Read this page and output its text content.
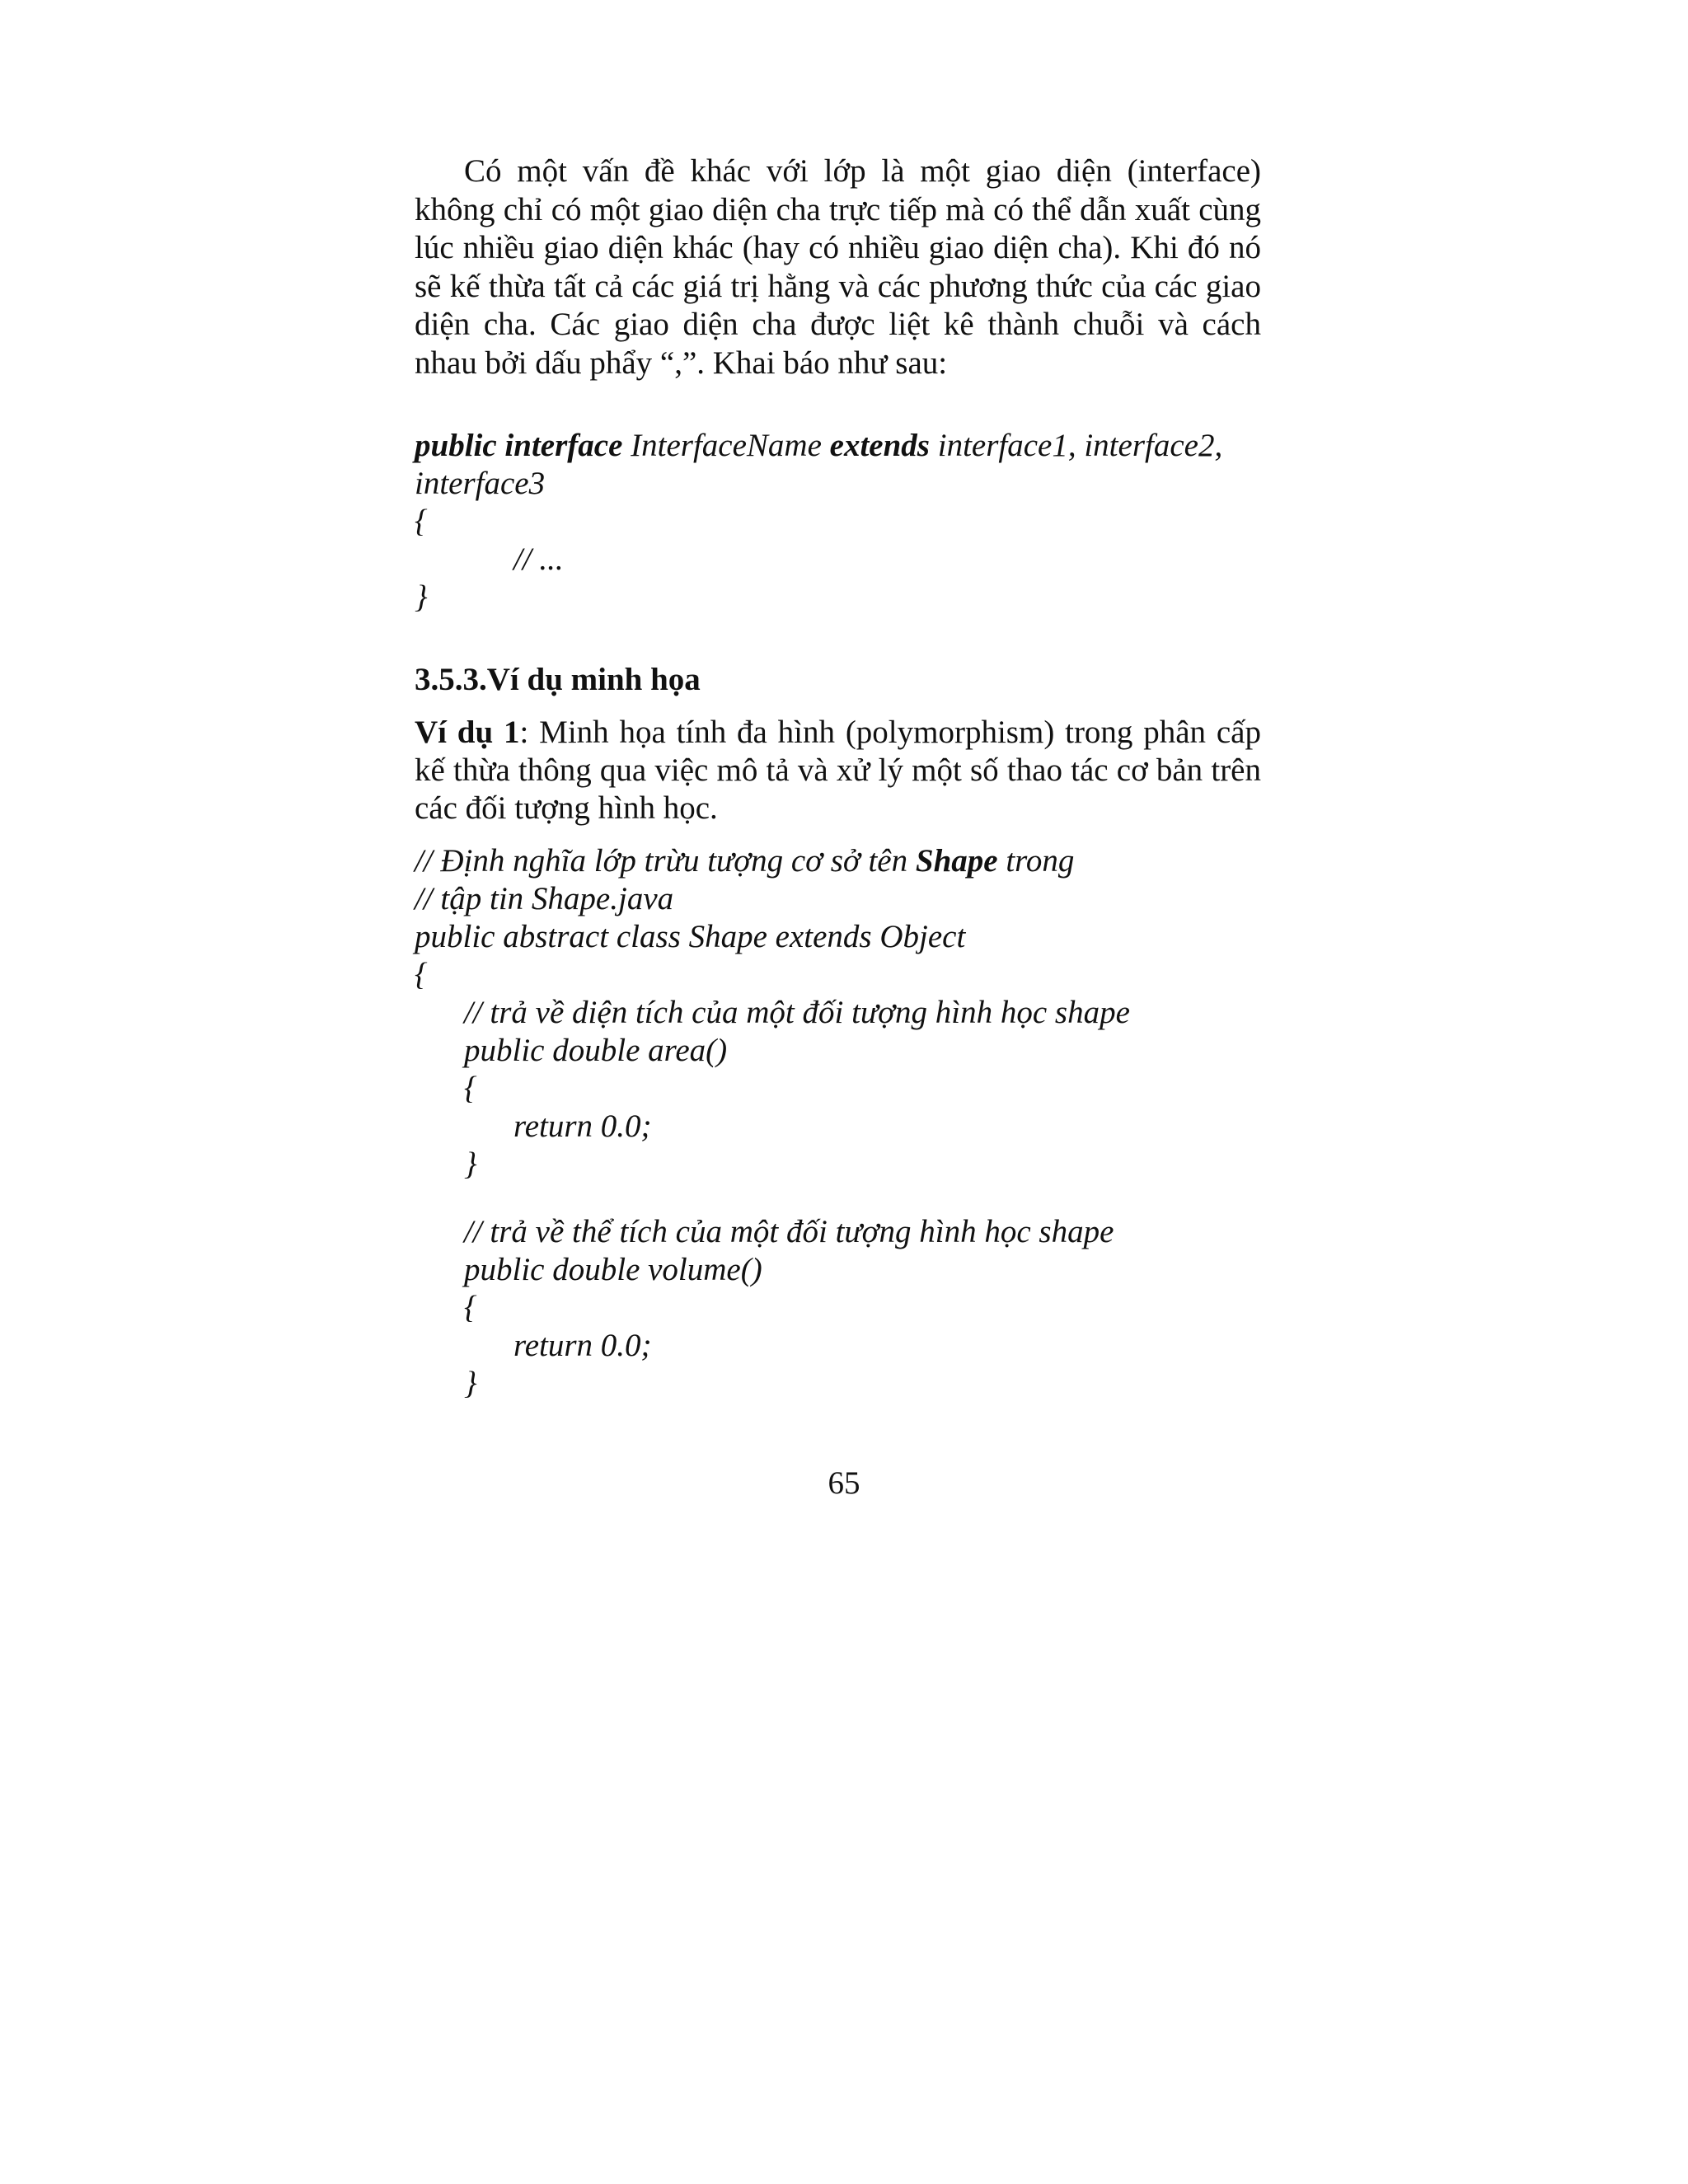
Có một vấn đề khác với lớp là một giao diện (interface) không chỉ có một giao diện cha trực tiếp mà có thể dẫn xuất cùng lúc nhiều giao diện khác (hay có nhiều giao diện cha). Khi đó nó sẽ kế thừa tất cả các giá trị hằng và các phương thức của các giao diện cha. Các giao diện cha được liệt kê thành chuỗi và cách nhau bởi dấu phẩy “,”. Khai báo như sau:

public interface InterfaceName extends interface1, interface2,
interface3
{
// ...
}
3.5.3.Ví dụ minh họa

Ví dụ 1: Minh họa tính đa hình (polymorphism) trong phân cấp kế thừa thông qua việc mô tả và xử lý một số thao tác cơ bản trên các đối tượng hình học.

// Định nghĩa lớp trừu tượng cơ sở tên Shape trong
// tập tin Shape.java
public abstract class Shape extends Object
{
// trả về diện tích của một đối tượng hình học shape
public double area()
{
return 0.0;
}
// trả về thể tích của một đối tượng hình học shape
public double volume()
{
return 0.0;
}
65
